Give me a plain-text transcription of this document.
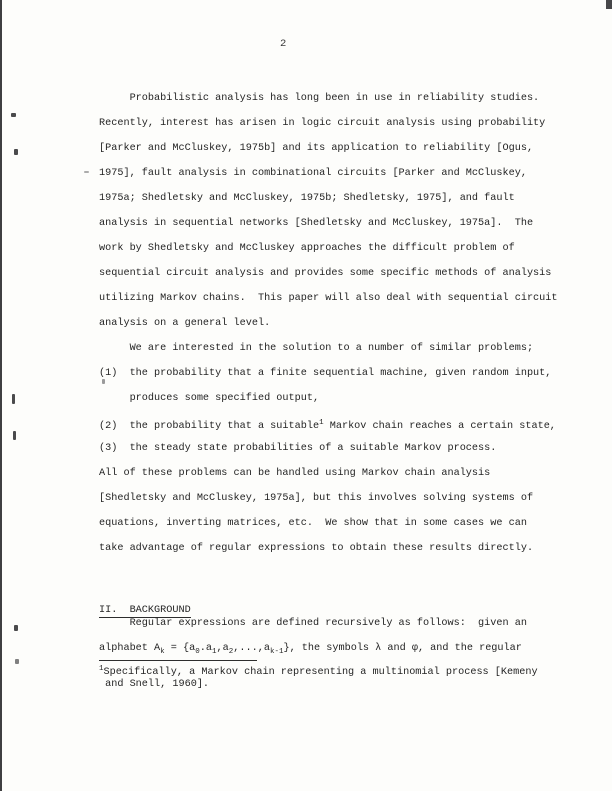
2
Probabilistic analysis has long been in use in reliability studies.
Recently, interest has arisen in logic circuit analysis using probability
[Parker and McCluskey, 1975b] and its application to reliability [Ogus,
1975], fault analysis in combinational circuits [Parker and McCluskey,
1975a; Shedletsky and McCluskey, 1975b; Shedletsky, 1975], and fault
analysis in sequential networks [Shedletsky and McCluskey, 1975a].  The
work by Shedletsky and McCluskey approaches the difficult problem of
sequential circuit analysis and provides some specific methods of analysis
utilizing Markov chains.  This paper will also deal with sequential circuit
analysis on a general level.
We are interested in the solution to a number of similar problems;
(1)  the probability that a finite sequential machine, given random input,
produces some specified output,
(2)  the probability that a suitable$^1$ Markov chain reaches a certain state,
(3)  the steady state probabilities of a suitable Markov process.
All of these problems can be handled using Markov chain analysis
[Shedletsky and McCluskey, 1975a], but this involves solving systems of
equations, inverting matrices, etc.  We show that in some cases we can
take advantage of regular expressions to obtain these results directly.

II.  BACKGROUND

Regular expressions are defined recursively as follows:  given an
alphabet $A_k = \{a_0.a_1,a_2,...,a_{k-1}\}$, the symbols λ and φ, and the regular
$^1$Specifically, a Markov chain representing a multinomial process [Kemeny
and Snell, 1960].
